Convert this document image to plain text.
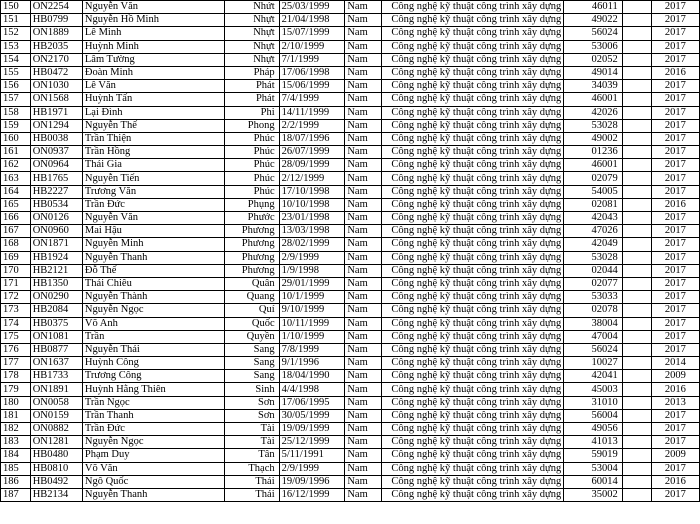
150	ON2254	Nguyễn Văn	Nhứt	25/03/1999	Nam	Công nghệ kỹ thuật công trình xây dựng	46011		2017
151	HB0799	Nguyễn Hồ Minh	Nhựt	21/04/1998	Nam	Công nghệ kỹ thuật công trình xây dựng	49022		2017
152	ON1889	Lê Minh	Nhựt	15/07/1999	Nam	Công nghệ kỹ thuật công trình xây dựng	56024		2017
153	HB2035	Huỳnh Minh	Nhựt	2/10/1999	Nam	Công nghệ kỹ thuật công trình xây dựng	53006		2017
154	ON2170	Lâm Tường	Nhựt	7/1/1999	Nam	Công nghệ kỹ thuật công trình xây dựng	02052		2017
155	HB0472	Đoàn Minh	Pháp	17/06/1998	Nam	Công nghệ kỹ thuật công trình xây dựng	49014		2016
156	ON1030	Lê Văn	Phát	15/06/1999	Nam	Công nghệ kỹ thuật công trình xây dựng	34039		2017
157	ON1568	Huỳnh Tấn	Phát	7/4/1999	Nam	Công nghệ kỹ thuật công trình xây dựng	46001		2017
158	HB1971	Lại Đình	Phi	14/11/1999	Nam	Công nghệ kỹ thuật công trình xây dựng	42026		2017
159	ON1294	Nguyễn Thế	Phong	2/2/1999	Nam	Công nghệ kỹ thuật công trình xây dựng	53028		2017
160	HB0038	Trần Thiện	Phúc	18/07/1996	Nam	Công nghệ kỹ thuật công trình xây dựng	49002		2017
161	ON0937	Trần Hồng	Phúc	26/07/1999	Nam	Công nghệ kỹ thuật công trình xây dựng	01236		2017
162	ON0964	Thái Gia	Phúc	28/09/1999	Nam	Công nghệ kỹ thuật công trình xây dựng	46001		2017
163	HB1765	Nguyễn Tiến	Phúc	2/12/1999	Nam	Công nghệ kỹ thuật công trình xây dựng	02079		2017
164	HB2227	Trương Văn	Phúc	17/10/1998	Nam	Công nghệ kỹ thuật công trình xây dựng	54005		2017
165	HB0534	Trần Đức	Phụng	10/10/1998	Nam	Công nghệ kỹ thuật công trình xây dựng	02081		2016
166	ON0126	Nguyễn Văn	Phước	23/01/1998	Nam	Công nghệ kỹ thuật công trình xây dựng	42043		2017
167	ON0960	Mai Hậu	Phương	13/03/1998	Nam	Công nghệ kỹ thuật công trình xây dựng	47026		2017
168	ON1871	Nguyễn Minh	Phương	28/02/1999	Nam	Công nghệ kỹ thuật công trình xây dựng	42049		2017
169	HB1924	Nguyễn Thanh	Phương	2/9/1999	Nam	Công nghệ kỹ thuật công trình xây dựng	53028		2017
170	HB2121	Đỗ Thế	Phương	1/9/1998	Nam	Công nghệ kỹ thuật công trình xây dựng	02044		2017
171	HB1350	Thái Chiêu	Quân	29/01/1999	Nam	Công nghệ kỹ thuật công trình xây dựng	02077		2017
172	ON0290	Nguyễn Thành	Quang	10/1/1999	Nam	Công nghệ kỹ thuật công trình xây dựng	53033		2017
173	HB2084	Nguyễn Ngọc	Quí	9/10/1999	Nam	Công nghệ kỹ thuật công trình xây dựng	02078		2017
174	HB0375	Võ Anh	Quốc	10/11/1999	Nam	Công nghệ kỹ thuật công trình xây dựng	38004		2017
175	ON1081	Trần	Quyền	1/10/1999	Nam	Công nghệ kỹ thuật công trình xây dựng	47004		2017
176	HB0877	Nguyễn Thái	Sang	7/8/1999	Nam	Công nghệ kỹ thuật công trình xây dựng	56024		2017
177	ON1637	Huỳnh Công	Sang	9/1/1996	Nam	Công nghệ kỹ thuật công trình xây dựng	10027		2014
178	HB1733	Trương Công	Sang	18/04/1990	Nam	Công nghệ kỹ thuật công trình xây dựng	42041		2009
179	ON1891	Huỳnh Hằng Thiên	Sinh	4/4/1998	Nam	Công nghệ kỹ thuật công trình xây dựng	45003		2016
180	ON0058	Trần Ngọc	Sơn	17/06/1995	Nam	Công nghệ kỹ thuật công trình xây dựng	31010		2013
181	ON0159	Trần Thanh	Sơn	30/05/1999	Nam	Công nghệ kỹ thuật công trình xây dựng	56004		2017
182	ON0882	Trần Đức	Tài	19/09/1999	Nam	Công nghệ kỹ thuật công trình xây dựng	49056		2017
183	ON1281	Nguyễn Ngọc	Tài	25/12/1999	Nam	Công nghệ kỹ thuật công trình xây dựng	41013		2017
184	HB0480	Phạm Duy	Tân	5/11/1991	Nam	Công nghệ kỹ thuật công trình xây dựng	59019		2009
185	HB0810	Võ Văn	Thạch	2/9/1999	Nam	Công nghệ kỹ thuật công trình xây dựng	53004		2017
186	HB0492	Ngô Quốc	Thái	19/09/1996	Nam	Công nghệ kỹ thuật công trình xây dựng	60014		2016
187	HB2134	Nguyễn Thanh	Thái	16/12/1999	Nam	Công nghệ kỹ thuật công trình xây dựng	35002		2017
